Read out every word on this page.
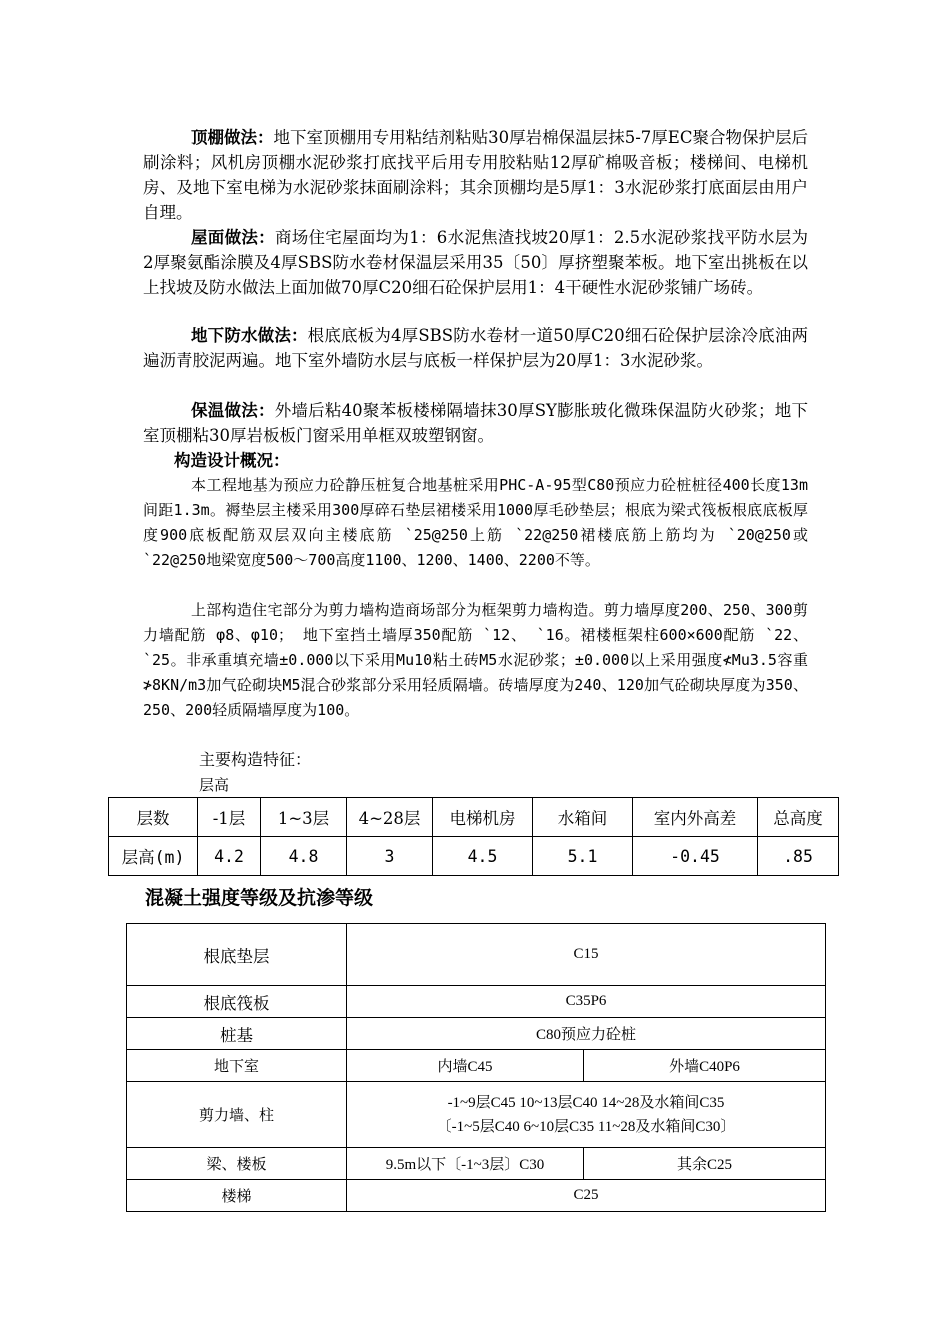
顶棚做法：地下室顶棚用专用粘结剂粘贴30厚岩棉保温层抹5-7厚EC聚合物保护层后刷涂料；风机房顶棚水泥砂浆打底找平后用专用胶粘贴12厚矿棉吸音板；楼梯间、电梯机房、及地下室电梯为水泥砂浆抹面刷涂料；其余顶棚均是5厚1：3水泥砂浆打底面层由用户自理。

屋面做法：商场住宅屋面均为1：6水泥焦渣找坡20厚1：2.5水泥砂浆找平防水层为2厚聚氨酯涂膜及4厚SBS防水卷材保温层采用35〔50〕厚挤塑聚苯板。地下室出挑板在以上找坡及防水做法上面加做70厚C20细石砼保护层用1：4干硬性水泥砂浆铺广场砖。

地下防水做法：根底底板为4厚SBS防水卷材一道50厚C20细石砼保护层涂冷底油两遍沥青胶泥两遍。地下室外墙防水层与底板一样保护层为20厚1：3水泥砂浆。

保温做法：外墙后粘40聚苯板楼梯隔墙抹30厚SY膨胀玻化微珠保温防火砂浆；地下室顶棚粘30厚岩板板门窗采用单框双玻塑钢窗。

构造设计概况：

本工程地基为预应力砼静压桩复合地基桩采用PHC-A-95型C80预应力砼桩桩径400长度13m间距1.3m。褥垫层主楼采用300厚碎石垫层裙楼采用1000厚毛砂垫层；根底为梁式筏板根底底板厚度900底板配筋双层双向主楼底筋 `25@250上筋 `22@250裙楼底筋上筋均为 `20@250或 `22@250地梁宽度500～700高度1100、1200、1400、2200不等。

上部构造住宅部分为剪力墙构造商场部分为框架剪力墙构造。剪力墙厚度200、250、300剪力墙配筋 φ8、φ10； 地下室挡土墙厚350配筋 `12、 `16。裙楼框架柱600×600配筋 `22、 `25。非承重填充墙±0.000以下采用Mu10粘土砖M5水泥砂浆；±0.000以上采用强度≮Mu3.5容重≯8KN/m3加气砼砌块M5混合砂浆部分采用轻质隔墙。砖墙厚度为240、120加气砼砌块厚度为350、250、200轻质隔墙厚度为100。

主要构造特征：

层高

层数	-1层	1~3层	4~28层	电梯机房	水箱间	室内外高差	总高度
层高(m)	4.2	4.8	3	4.5	5.1	-0.45	.85

混凝土强度等级及抗渗等级

根底垫层	C15	
根底筏板	C35P6	
桩基	C80预应力砼桩	
地下室	内墙C45	外墙C40P6
剪力墙、柱	-1~9层C45 10~13层C40 14~28及水箱间C35
〔-1~5层C40 6~10层C35 11~28及水箱间C30〕	

梁、楼板	9.5m以下〔-1~3层〕C30	其余C25
楼梯	C25	
